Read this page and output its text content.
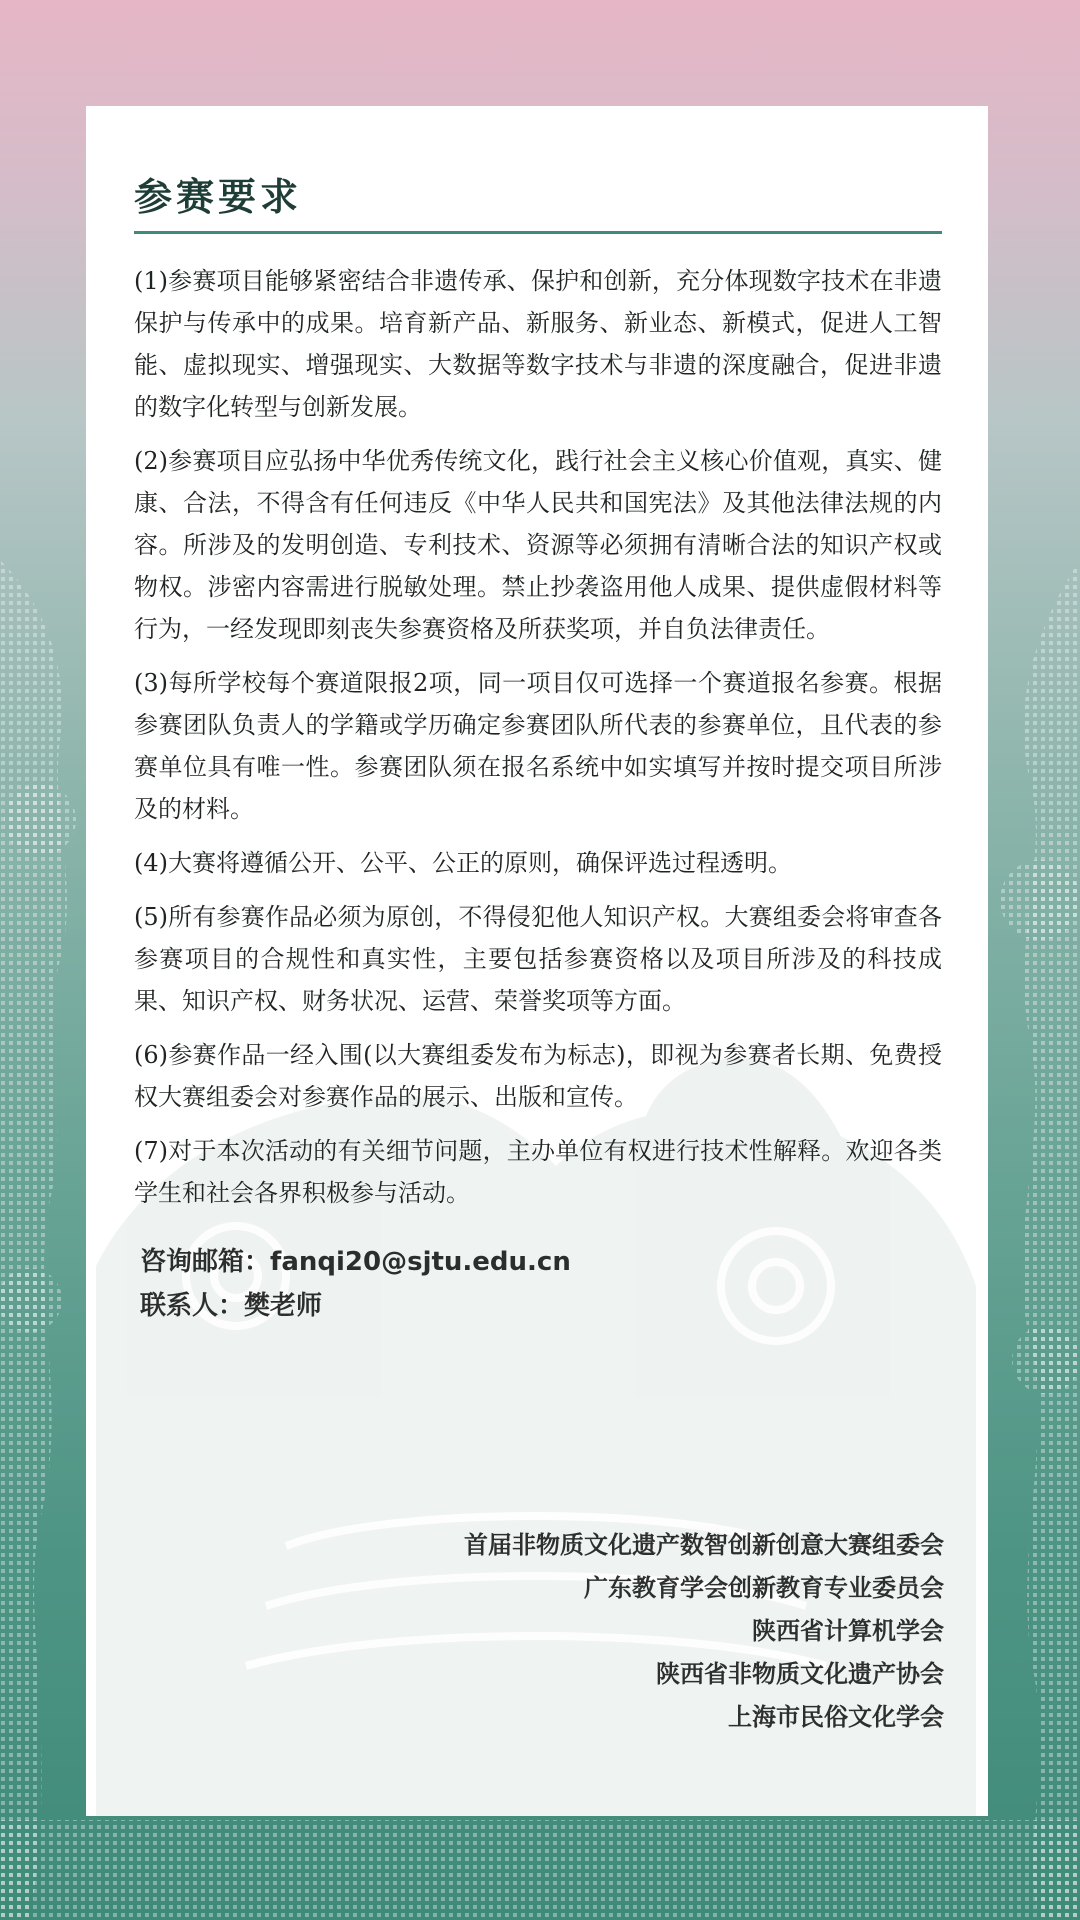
参赛要求

(1)参赛项目能够紧密结合非遗传承、保护和创新，充分体现数字技术在非遗保护与传承中的成果。培育新产品、新服务、新业态、新模式，促进人工智能、虚拟现实、增强现实、大数据等数字技术与非遗的深度融合，促进非遗的数字化转型与创新发展。

(2)参赛项目应弘扬中华优秀传统文化，践行社会主义核心价值观，真实、健康、合法，不得含有任何违反《中华人民共和国宪法》及其他法律法规的内容。所涉及的发明创造、专利技术、资源等必须拥有清晰合法的知识产权或物权。涉密内容需进行脱敏处理。禁止抄袭盗用他人成果、提供虚假材料等行为，一经发现即刻丧失参赛资格及所获奖项，并自负法律责任。

(3)每所学校每个赛道限报2项，同一项目仅可选择一个赛道报名参赛。根据参赛团队负责人的学籍或学历确定参赛团队所代表的参赛单位，且代表的参赛单位具有唯一性。参赛团队须在报名系统中如实填写并按时提交项目所涉及的材料。

(4)大赛将遵循公开、公平、公正的原则，确保评选过程透明。

(5)所有参赛作品必须为原创，不得侵犯他人知识产权。大赛组委会将审查各参赛项目的合规性和真实性，主要包括参赛资格以及项目所涉及的科技成果、知识产权、财务状况、运营、荣誉奖项等方面。

(6)参赛作品一经入围(以大赛组委发布为标志)，即视为参赛者长期、免费授权大赛组委会对参赛作品的展示、出版和宣传。

(7)对于本次活动的有关细节问题，主办单位有权进行技术性解释。欢迎各类学生和社会各界积极参与活动。

咨询邮箱：fanqi20@sjtu.edu.cn
联系人：樊老师
首届非物质文化遗产数智创新创意大赛组委会
广东教育学会创新教育专业委员会
陕西省计算机学会
陕西省非物质文化遗产协会
上海市民俗文化学会
